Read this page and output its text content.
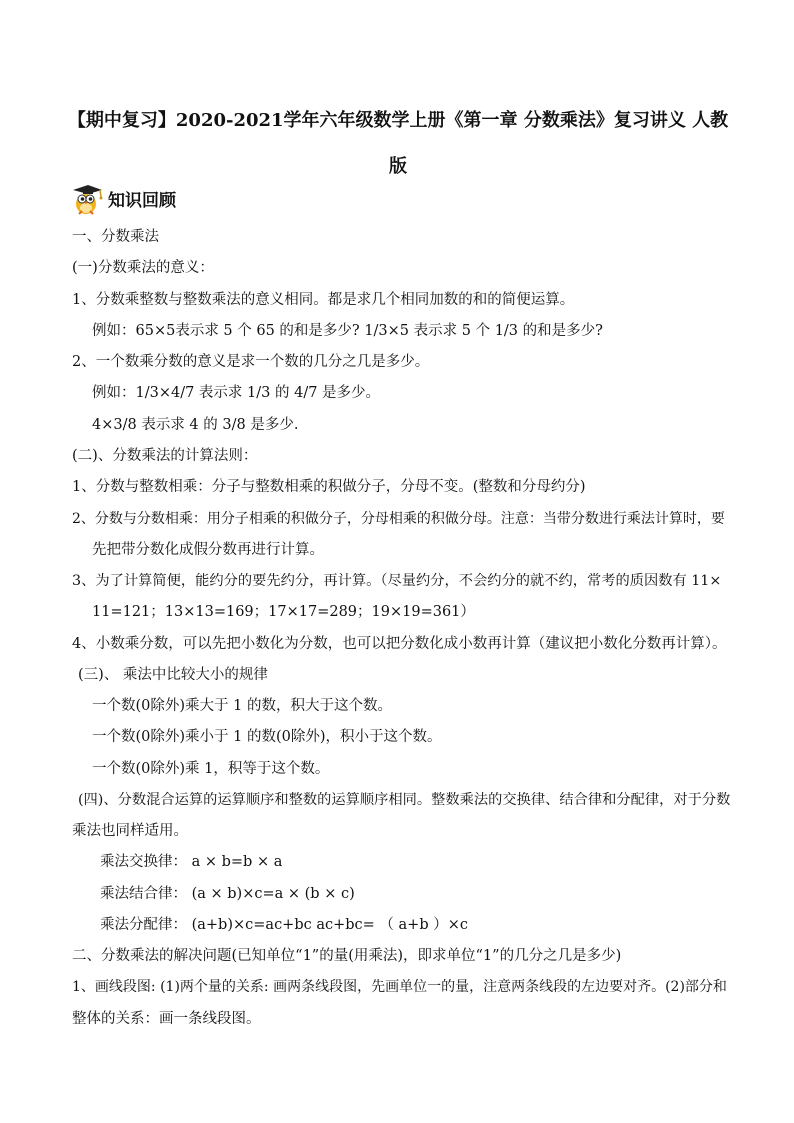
【期中复习】2020-2021学年六年级数学上册《第一章 分数乘法》复习讲义 人教版
知识回顾
一、分数乘法
(一)分数乘法的意义：
1、分数乘整数与整数乘法的意义相同。都是求几个相同加数的和的简便运算。
例如：65×5表示求 5 个 65 的和是多少? 1/3×5 表示求 5 个 1/3 的和是多少?
2、一个数乘分数的意义是求一个数的几分之几是多少。
例如：1/3×4/7 表示求 1/3 的 4/7 是多少。
4×3/8 表示求 4 的 3/8 是多少.
(二)、分数乘法的计算法则：
1、分数与整数相乘：分子与整数相乘的积做分子，分母不变。(整数和分母约分)
2、分数与分数相乘：用分子相乘的积做分子，分母相乘的积做分母。注意：当带分数进行乘法计算时，要
先把带分数化成假分数再进行计算。
3、为了计算简便，能约分的要先约分，再计算。（尽量约分，不会约分的就不约，常考的质因数有 11×
11=121；13×13=169；17×17=289；19×19=361）
4、小数乘分数，可以先把小数化为分数，也可以把分数化成小数再计算（建议把小数化分数再计算）。
(三)、 乘法中比较大小的规律
一个数(0除外)乘大于 1 的数，积大于这个数。
一个数(0除外)乘小于 1 的数(0除外)，积小于这个数。
一个数(0除外)乘 1，积等于这个数。
(四)、分数混合运算的运算顺序和整数的运算顺序相同。整数乘法的交换律、结合律和分配律，对于分数
乘法也同样适用。
乘法交换律： a × b=b × a
乘法结合律： (a × b)×c=a × (b × c)
乘法分配律： (a+b)×c=ac+bc ac+bc= （ a+b ）×c
二、分数乘法的解决问题(已知单位“1”的量(用乘法)，即求单位“1”的几分之几是多少)
1、画线段图: (1)两个量的关系: 画两条线段图，先画单位一的量，注意两条线段的左边要对齐。(2)部分和
整体的关系：画一条线段图。
